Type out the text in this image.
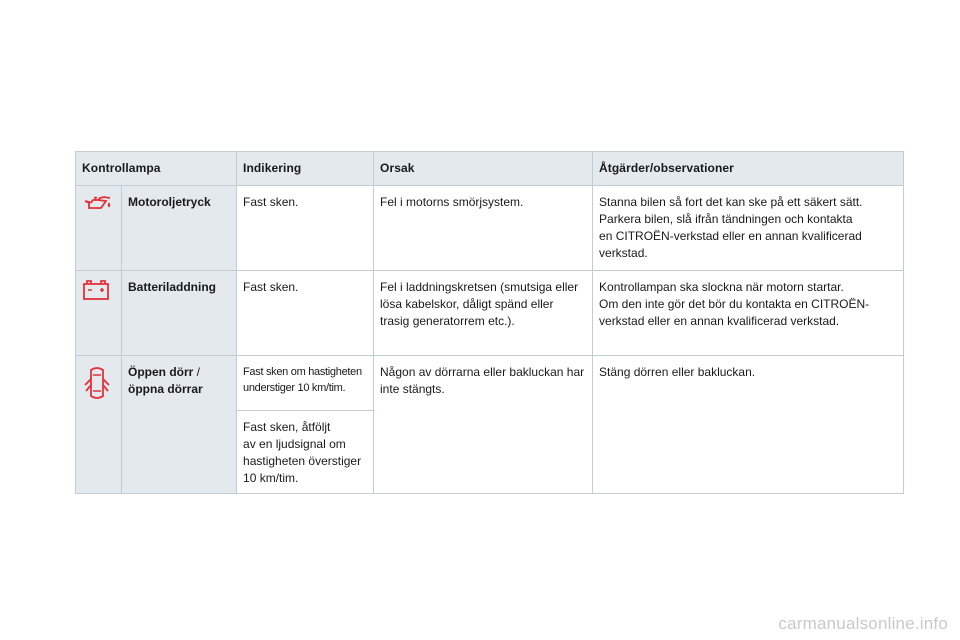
Kontrollampa		Indikering	Orsak	Åtgärder/observationer
	Motoroljetryck	Fast sken.	Fel i motorns smörjsystem.	Stanna bilen så fort det kan ske på ett säkert sätt.
Parkera bilen, slå ifrån tändningen och kontakta
en CITROËN-verkstad eller en annan kvalificerad
verkstad.
	Batteriladdning	Fast sken.	Fel i laddningskretsen (smutsiga eller
lösa kabelskor, dåligt spänd eller
trasig generatorrem etc.).	Kontrollampan ska slockna när motorn startar.
Om den inte gör det bör du kontakta en CITROËN-
verkstad eller en annan kvalificerad verkstad.
	Öppen dörr /
öppna dörrar	Fast sken om hastigheten
understiger 10 km/tim.	Någon av dörrarna eller bakluckan har
inte stängts.	Stäng dörren eller bakluckan.
		Fast sken, åtföljt
av en ljudsignal om
hastigheten överstiger
10 km/tim.		
carmanualsonline.info
